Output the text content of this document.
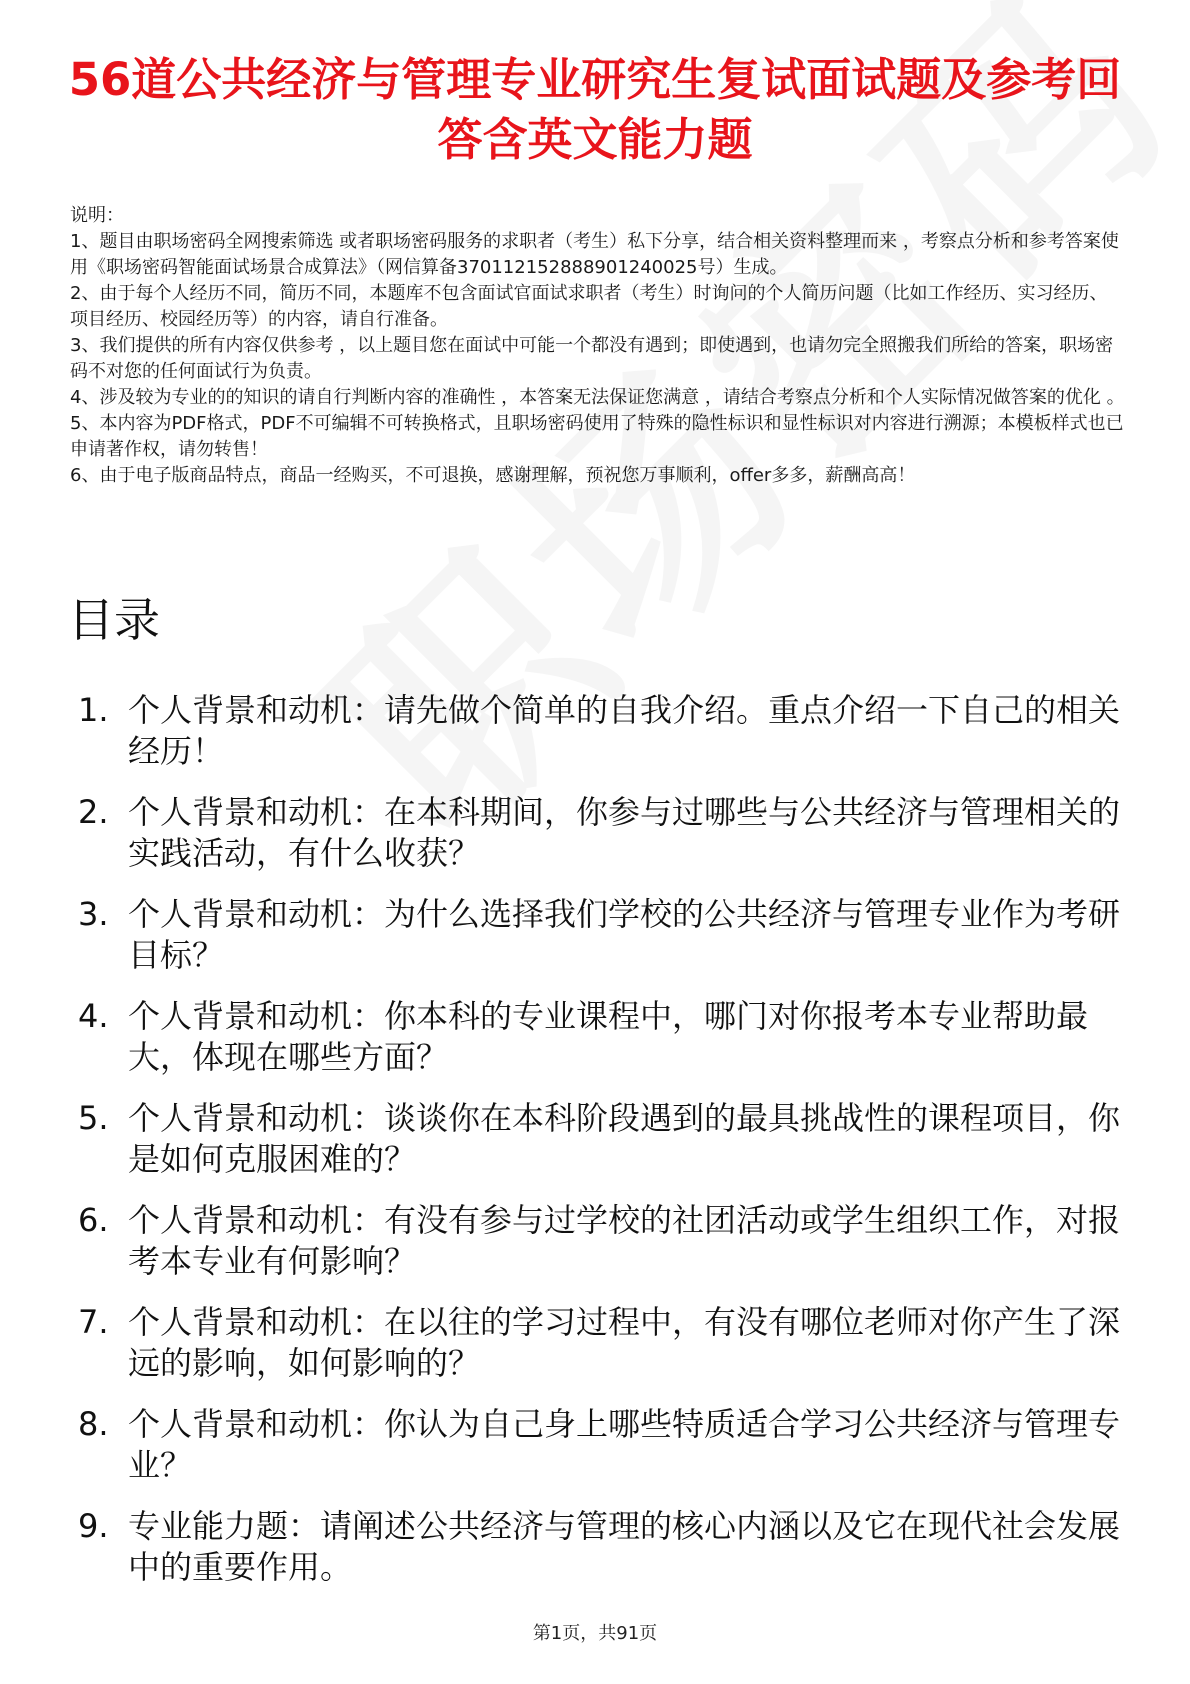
56道公共经济与管理专业研究生复试面试题及参考回答含英文能力题
说明：
1、题目由职场密码全网搜索筛选 或者职场密码服务的求职者（考生）私下分享，结合相关资料整理而来 ，考察点分析和参考答案使用《职场密码智能面试场景合成算法》（网信算备370112152888901240025号）生成。
2、由于每个人经历不同，简历不同，本题库不包含面试官面试求职者（考生）时询问的个人简历问题（比如工作经历、实习经历、项目经历、校园经历等）的内容，请自行准备。
3、我们提供的所有内容仅供参考 ，以上题目您在面试中可能一个都没有遇到；即使遇到，也请勿完全照搬我们所给的答案，职场密码不对您的任何面试行为负责。
4、涉及较为专业的的知识的请自行判断内容的准确性 ，本答案无法保证您满意 ，请结合考察点分析和个人实际情况做答案的优化 。
5、本内容为PDF格式，PDF不可编辑不可转换格式，且职场密码使用了特殊的隐性标识和显性标识对内容进行溯源；本模板样式也已申请著作权，请勿转售！
6、由于电子版商品特点，商品一经购买，不可退换，感谢理解，预祝您万事顺利，offer多多，薪酬高高！
目录
1. 个人背景和动机：请先做个简单的自我介绍。重点介绍一下自己的相关经历！
2. 个人背景和动机：在本科期间，你参与过哪些与公共经济与管理相关的实践活动，有什么收获？
3. 个人背景和动机：为什么选择我们学校的公共经济与管理专业作为考研目标？
4. 个人背景和动机：你本科的专业课程中，哪门对你报考本专业帮助最大，体现在哪些方面？
5. 个人背景和动机：谈谈你在本科阶段遇到的最具挑战性的课程项目，你是如何克服困难的？
6. 个人背景和动机：有没有参与过学校的社团活动或学生组织工作，对报考本专业有何影响？
7. 个人背景和动机：在以往的学习过程中，有没有哪位老师对你产生了深远的影响，如何影响的？
8. 个人背景和动机：你认为自己身上哪些特质适合学习公共经济与管理专业？
9. 专业能力题：请阐述公共经济与管理的核心内涵以及它在现代社会发展中的重要作用。
第1页，共91页
